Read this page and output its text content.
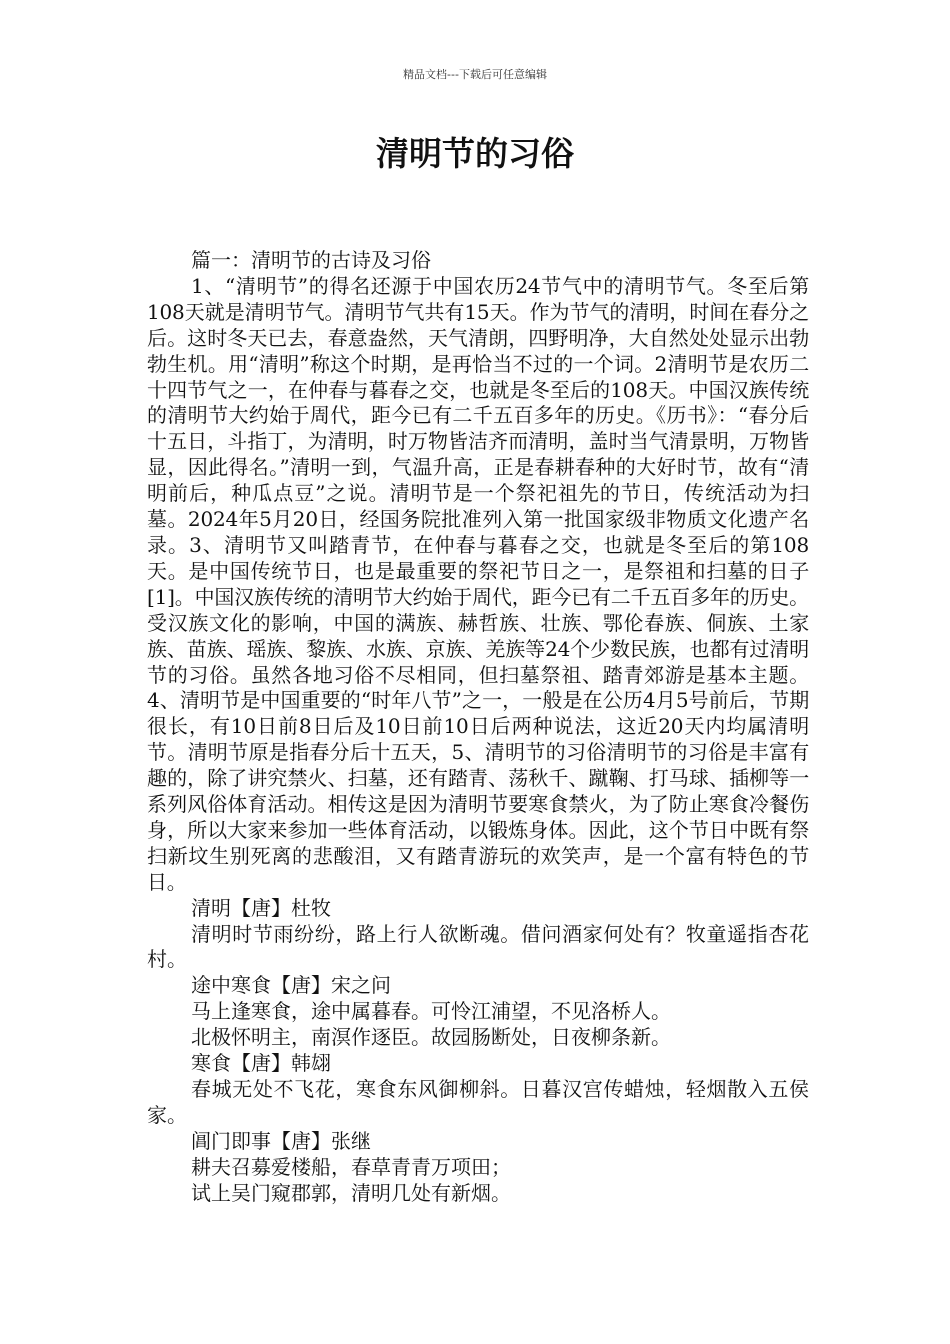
精品文档---下载后可任意编辑
清明节的习俗

篇一：清明节的古诗及习俗

1、“清明节”的得名还源于中国农历24节气中的清明节气。冬至后第108天就是清明节气。清明节气共有15天。作为节气的清明，时间在春分之后。这时冬天已去，春意盎然，天气清朗，四野明净，大自然处处显示出勃勃生机。用“清明”称这个时期，是再恰当不过的一个词。2清明节是农历二十四节气之一，在仲春与暮春之交，也就是冬至后的108天。中国汉族传统的清明节大约始于周代，距今已有二千五百多年的历史。《历书》：“春分后十五日，斗指丁，为清明，时万物皆洁齐而清明，盖时当气清景明，万物皆显，因此得名。”清明一到，气温升高，正是春耕春种的大好时节，故有“清明前后，种瓜点豆”之说。清明节是一个祭祀祖先的节日，传统活动为扫墓。2024年5月20日，经国务院批准列入第一批国家级非物质文化遗产名录。3、清明节又叫踏青节，在仲春与暮春之交，也就是冬至后的第108天。是中国传统节日，也是最重要的祭祀节日之一，是祭祖和扫墓的日子[1]。中国汉族传统的清明节大约始于周代，距今已有二千五百多年的历史。受汉族文化的影响，中国的满族、赫哲族、壮族、鄂伦春族、侗族、土家族、苗族、瑶族、黎族、水族、京族、羌族等24个少数民族，也都有过清明节的习俗。虽然各地习俗不尽相同，但扫墓祭祖、踏青郊游是基本主题。4、清明节是中国重要的“时年八节”之一，一般是在公历4月5号前后，节期很长，有10日前8日后及10日前10日后两种说法，这近20天内均属清明节。清明节原是指春分后十五天，5、清明节的习俗清明节的习俗是丰富有趣的，除了讲究禁火、扫墓，还有踏青、荡秋千、蹴鞠、打马球、插柳等一系列风俗体育活动。相传这是因为清明节要寒食禁火，为了防止寒食冷餐伤身，所以大家来参加一些体育活动，以锻炼身体。因此，这个节日中既有祭扫新坟生别死离的悲酸泪，又有踏青游玩的欢笑声，是一个富有特色的节日。

清明【唐】杜牧

清明时节雨纷纷，路上行人欲断魂。借问酒家何处有？牧童遥指杏花村。

途中寒食【唐】宋之问

马上逢寒食，途中属暮春。可怜江浦望，不见洛桥人。

北极怀明主，南溟作逐臣。故园肠断处，日夜柳条新。

寒食【唐】韩翃

春城无处不飞花，寒食东风御柳斜。日暮汉宫传蜡烛，轻烟散入五侯家。

阊门即事【唐】张继

耕夫召募爱楼船，春草青青万项田；

试上吴门窥郡郭，清明几处有新烟。
